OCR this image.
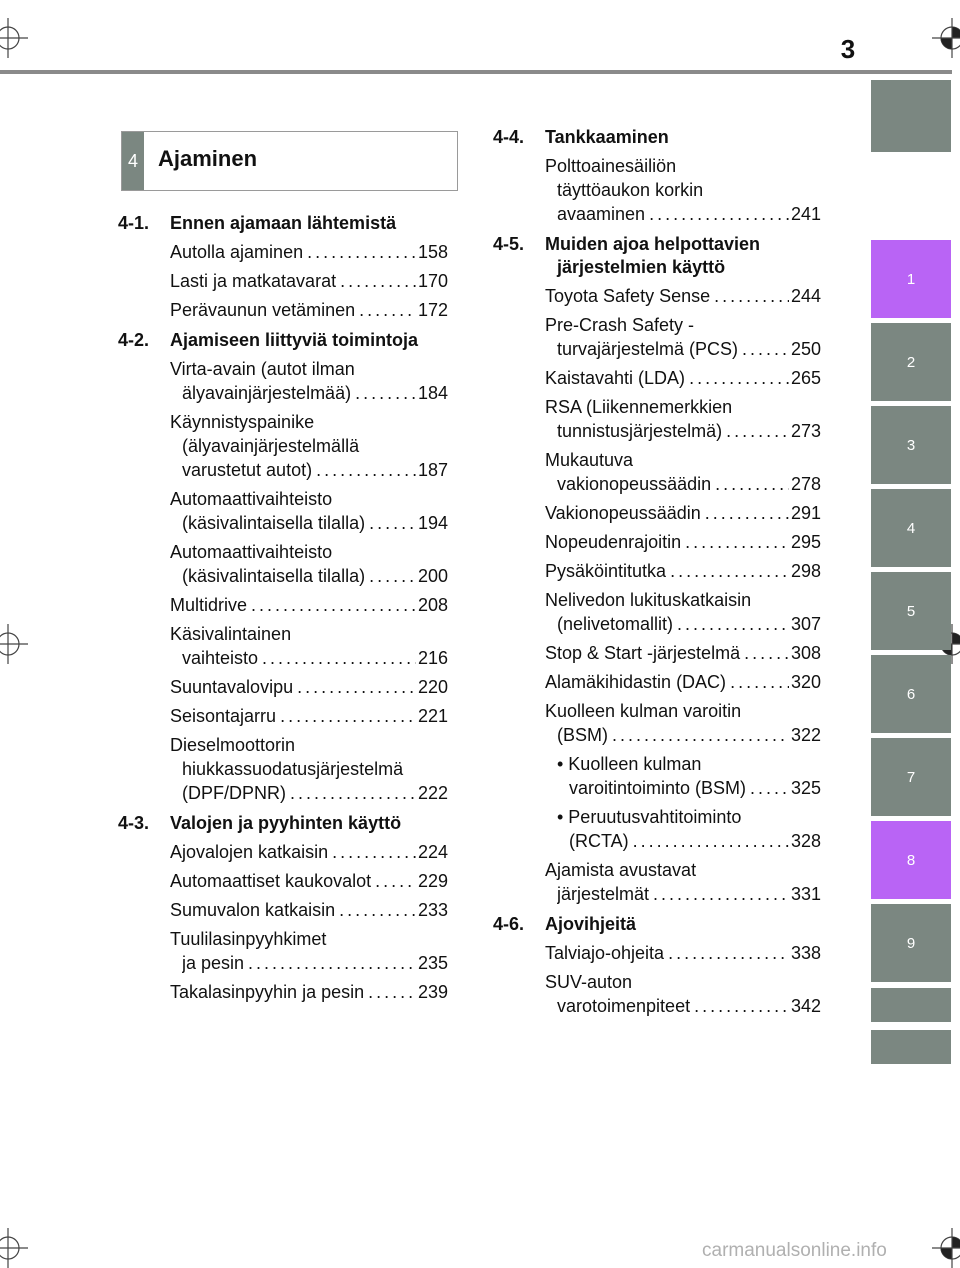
3
4 Ajaminen
4-1.	Ennen ajamaan lähtemistä
Autolla ajaminen . . .	158
Lasti ja matkatavarat . . .	170
Perävaunun vetäminen . . .	172
4-2.	Ajamiseen liittyviä toimintoja
Virta-avain (autot ilman
älyavainjärjestelmää) . . .	184
Käynnistyspainike
(älyavainjärjestelmällä
varustetut autot) . . .	187
Automaattivaihteisto
(käsivalintaisella tilalla) . . .	194
Automaattivaihteisto
(käsivalintaisella tilalla) . . .	200
Multidrive . . .	208
Käsivalintainen
vaihteisto . . .	216
Suuntavalovipu . . .	220
Seisontajarru . . .	221
Dieselmoottorin
hiukkassuodatusjärjestelmä
(DPF/DPNR) . . .	222
4-3.	Valojen ja pyyhinten käyttö
Ajovalojen katkaisin . . .	224
Automaattiset kaukovalot . . .	229
Sumuvalon katkaisin . . .	233
Tuulilasinpyyhkimet
ja pesin . . .	235
Takalasinpyyhin ja pesin . . .	239
4-4.	Tankkaaminen
Polttoainesäiliön
täyttöaukon korkin
avaaminen . . .	241
4-5.	Muiden ajoa helpottavien järjestelmien käyttö
Toyota Safety Sense . . .	244
Pre-Crash Safety -
turvajärjestelmä (PCS) . . .	250
Kaistavahti (LDA) . . .	265
RSA (Liikennemerkkien
tunnistusjärjestelmä) . . .	273
Mukautuva
vakionopeussäädin . . .	278
Vakionopeussäädin . . .	291
Nopeudenrajoitin . . .	295
Pysäköintitutka . . .	298
Nelivedon lukituskatkaisin
(nelivetomallit) . . .	307
Stop & Start -järjestelmä . . .	308
Alamäkihidastin (DAC) . . .	320
Kuolleen kulman varoitin
(BSM) . . .	322
• Kuolleen kulman
varoitintoiminto (BSM) . . .	325
• Peruutusvahtitoiminto
(RCTA) . . .	328
Ajamista avustavat
järjestelmät . . .	331
4-6.	Ajovihjeitä
Talviajo-ohjeita . . .	338
SUV-auton
varotoimenpiteet . . .	342
1
2
3
4
5
6
7
8
9
carmanualsonline.info
